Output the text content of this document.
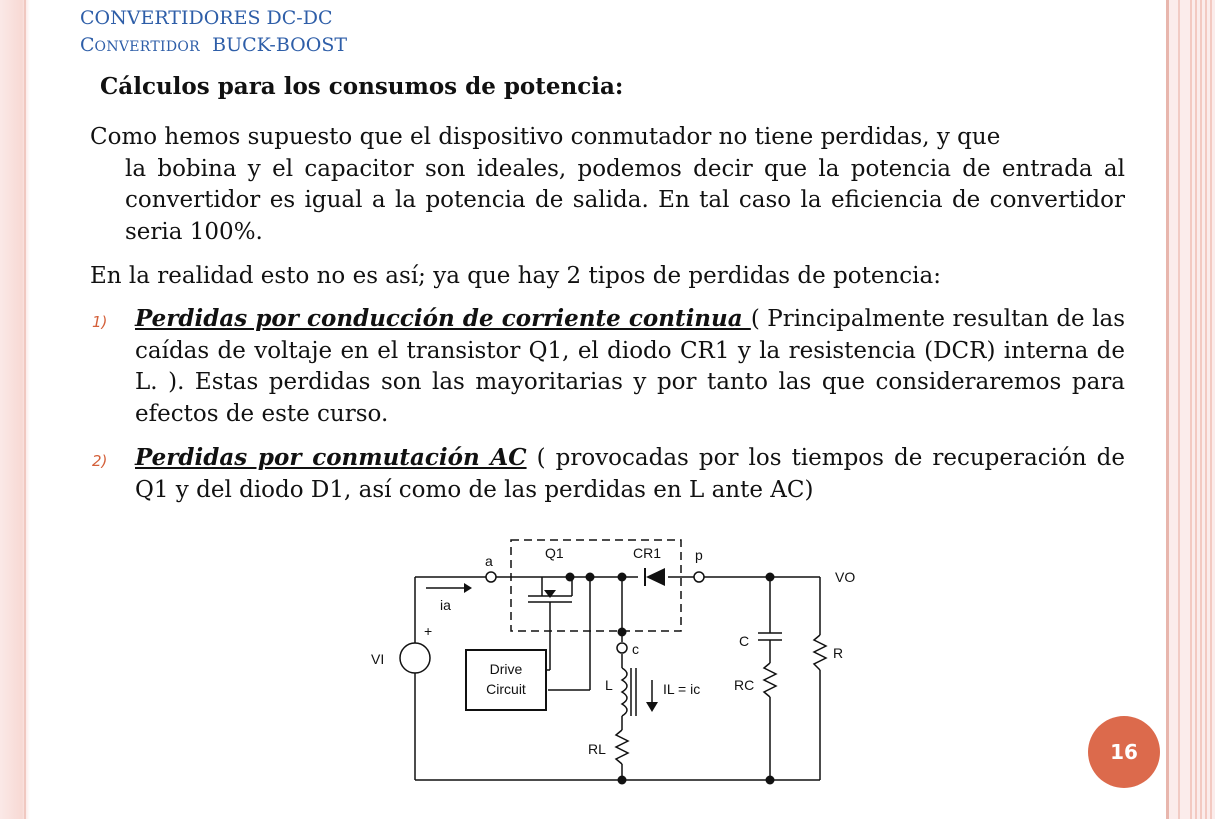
CONVERTIDORES DC-DC
CONVERTIDOR BUCK-BOOST
Cálculos para los consumos de potencia:
Como hemos supuesto que el dispositivo conmutador no tiene perdidas, y que
la bobina y el capacitor son ideales, podemos decir que la potencia de entrada al convertidor es igual a la potencia de salida. En tal caso la eficiencia de convertidor seria 100%.
En la realidad esto no es así; ya que hay 2 tipos de perdidas de potencia:
1) Perdidas por conducción de corriente continua ( Principalmente resultan de las caídas de voltaje en el transistor Q1, el diodo CR1 y la resistencia (DCR) interna de L. ). Estas perdidas son las mayoritarias y por tanto las que consideraremos para efectos de este curso.
2) Perdidas por conmutación AC ( provocadas por los tiempos de recuperación de Q1 y del diodo D1, así como de las perdidas en L ante AC)
a	Q1	CR1 p
VO
ia
+
VI
c
Drive
Circuit
C
R
L	IL = ic RC
RL	16
